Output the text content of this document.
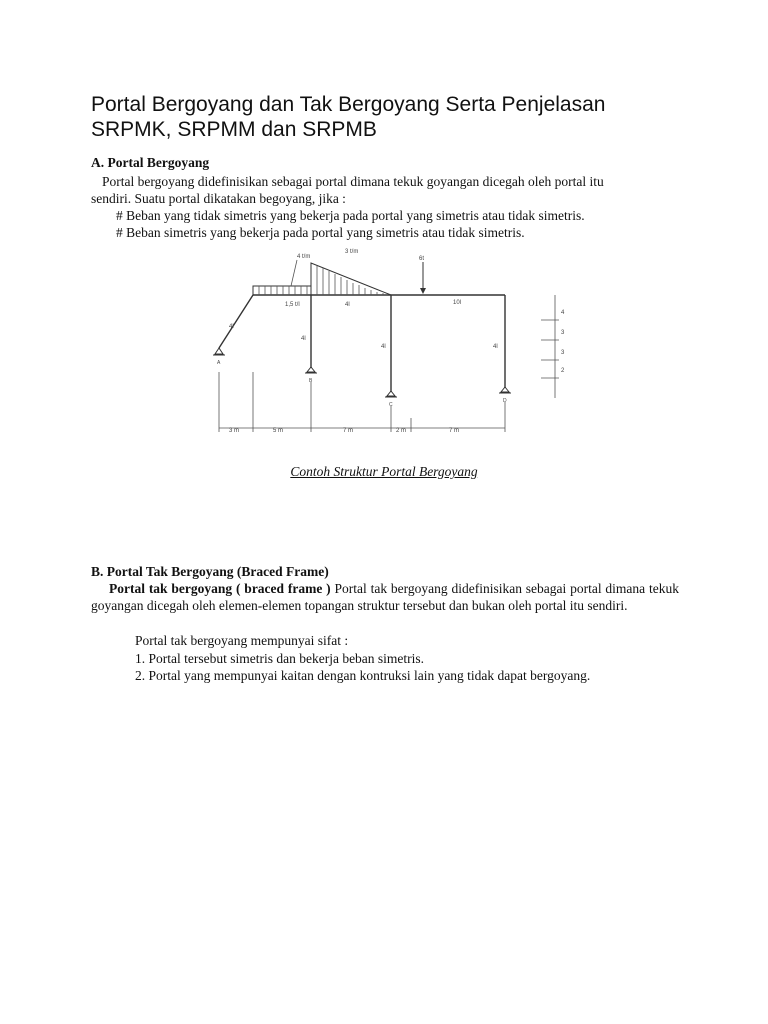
Portal Bergoyang dan Tak Bergoyang Serta Penjelasan
SRPMK, SRPMM dan SRPMB
A. Portal Bergoyang
Portal bergoyang didefinisikan sebagai portal dimana tekuk goyangan dicegah oleh portal itu
sendiri. Suatu portal dikatakan begoyang, jika :
# Beban yang tidak simetris yang bekerja pada portal yang simetris atau tidak simetris.
# Beban simetris yang bekerja pada portal yang simetris atau tidak simetris.
4 t/m
3 t/m
6t
1,5 t/l	4l	10l
4l
4l
4l	4l
A
B
C
D
3 m	5 m	7 m	2 m	7 m
4
3
3
2
Contoh Struktur Portal Bergoyang
B. Portal Tak Bergoyang (Braced Frame)
Portal tak bergoyang ( braced frame ) Portal tak bergoyang didefinisikan sebagai portal dimana tekuk goyangan dicegah oleh elemen-elemen topangan struktur tersebut dan bukan oleh portal itu sendiri.
Portal tak bergoyang mempunyai sifat :
1. Portal tersebut simetris dan bekerja beban simetris.
2. Portal yang mempunyai kaitan dengan kontruksi lain yang tidak dapat bergoyang.
